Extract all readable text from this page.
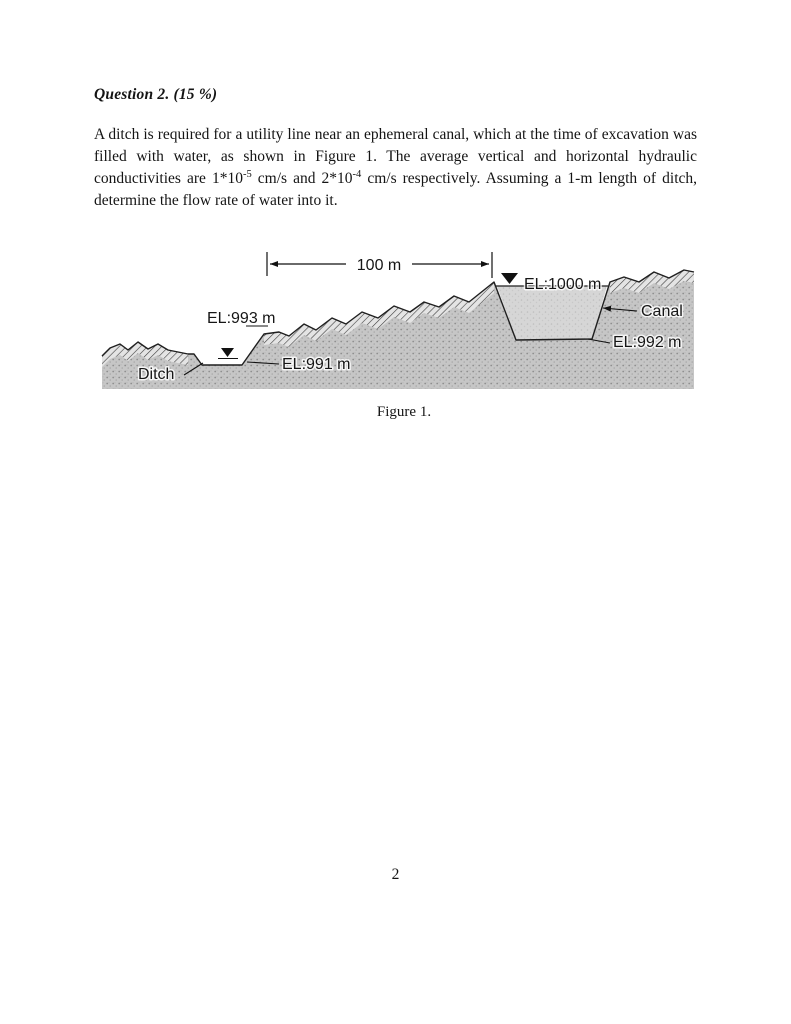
Question 2. (15 %)

A ditch is required for a utility line near an ephemeral canal, which at the time of excavation was filled with water, as shown in Figure 1. The average vertical and horizontal hydraulic conductivities are $1*10^{-5}$ cm/s and $2*10^{-4}$ cm/s respectively. Assuming a 1-m length of ditch, determine the flow rate of water into it.

100 m
EL:1000 m
Canal
EL:992 m
EL:993 m
EL:991 m
Ditch
Figure 1.
2
